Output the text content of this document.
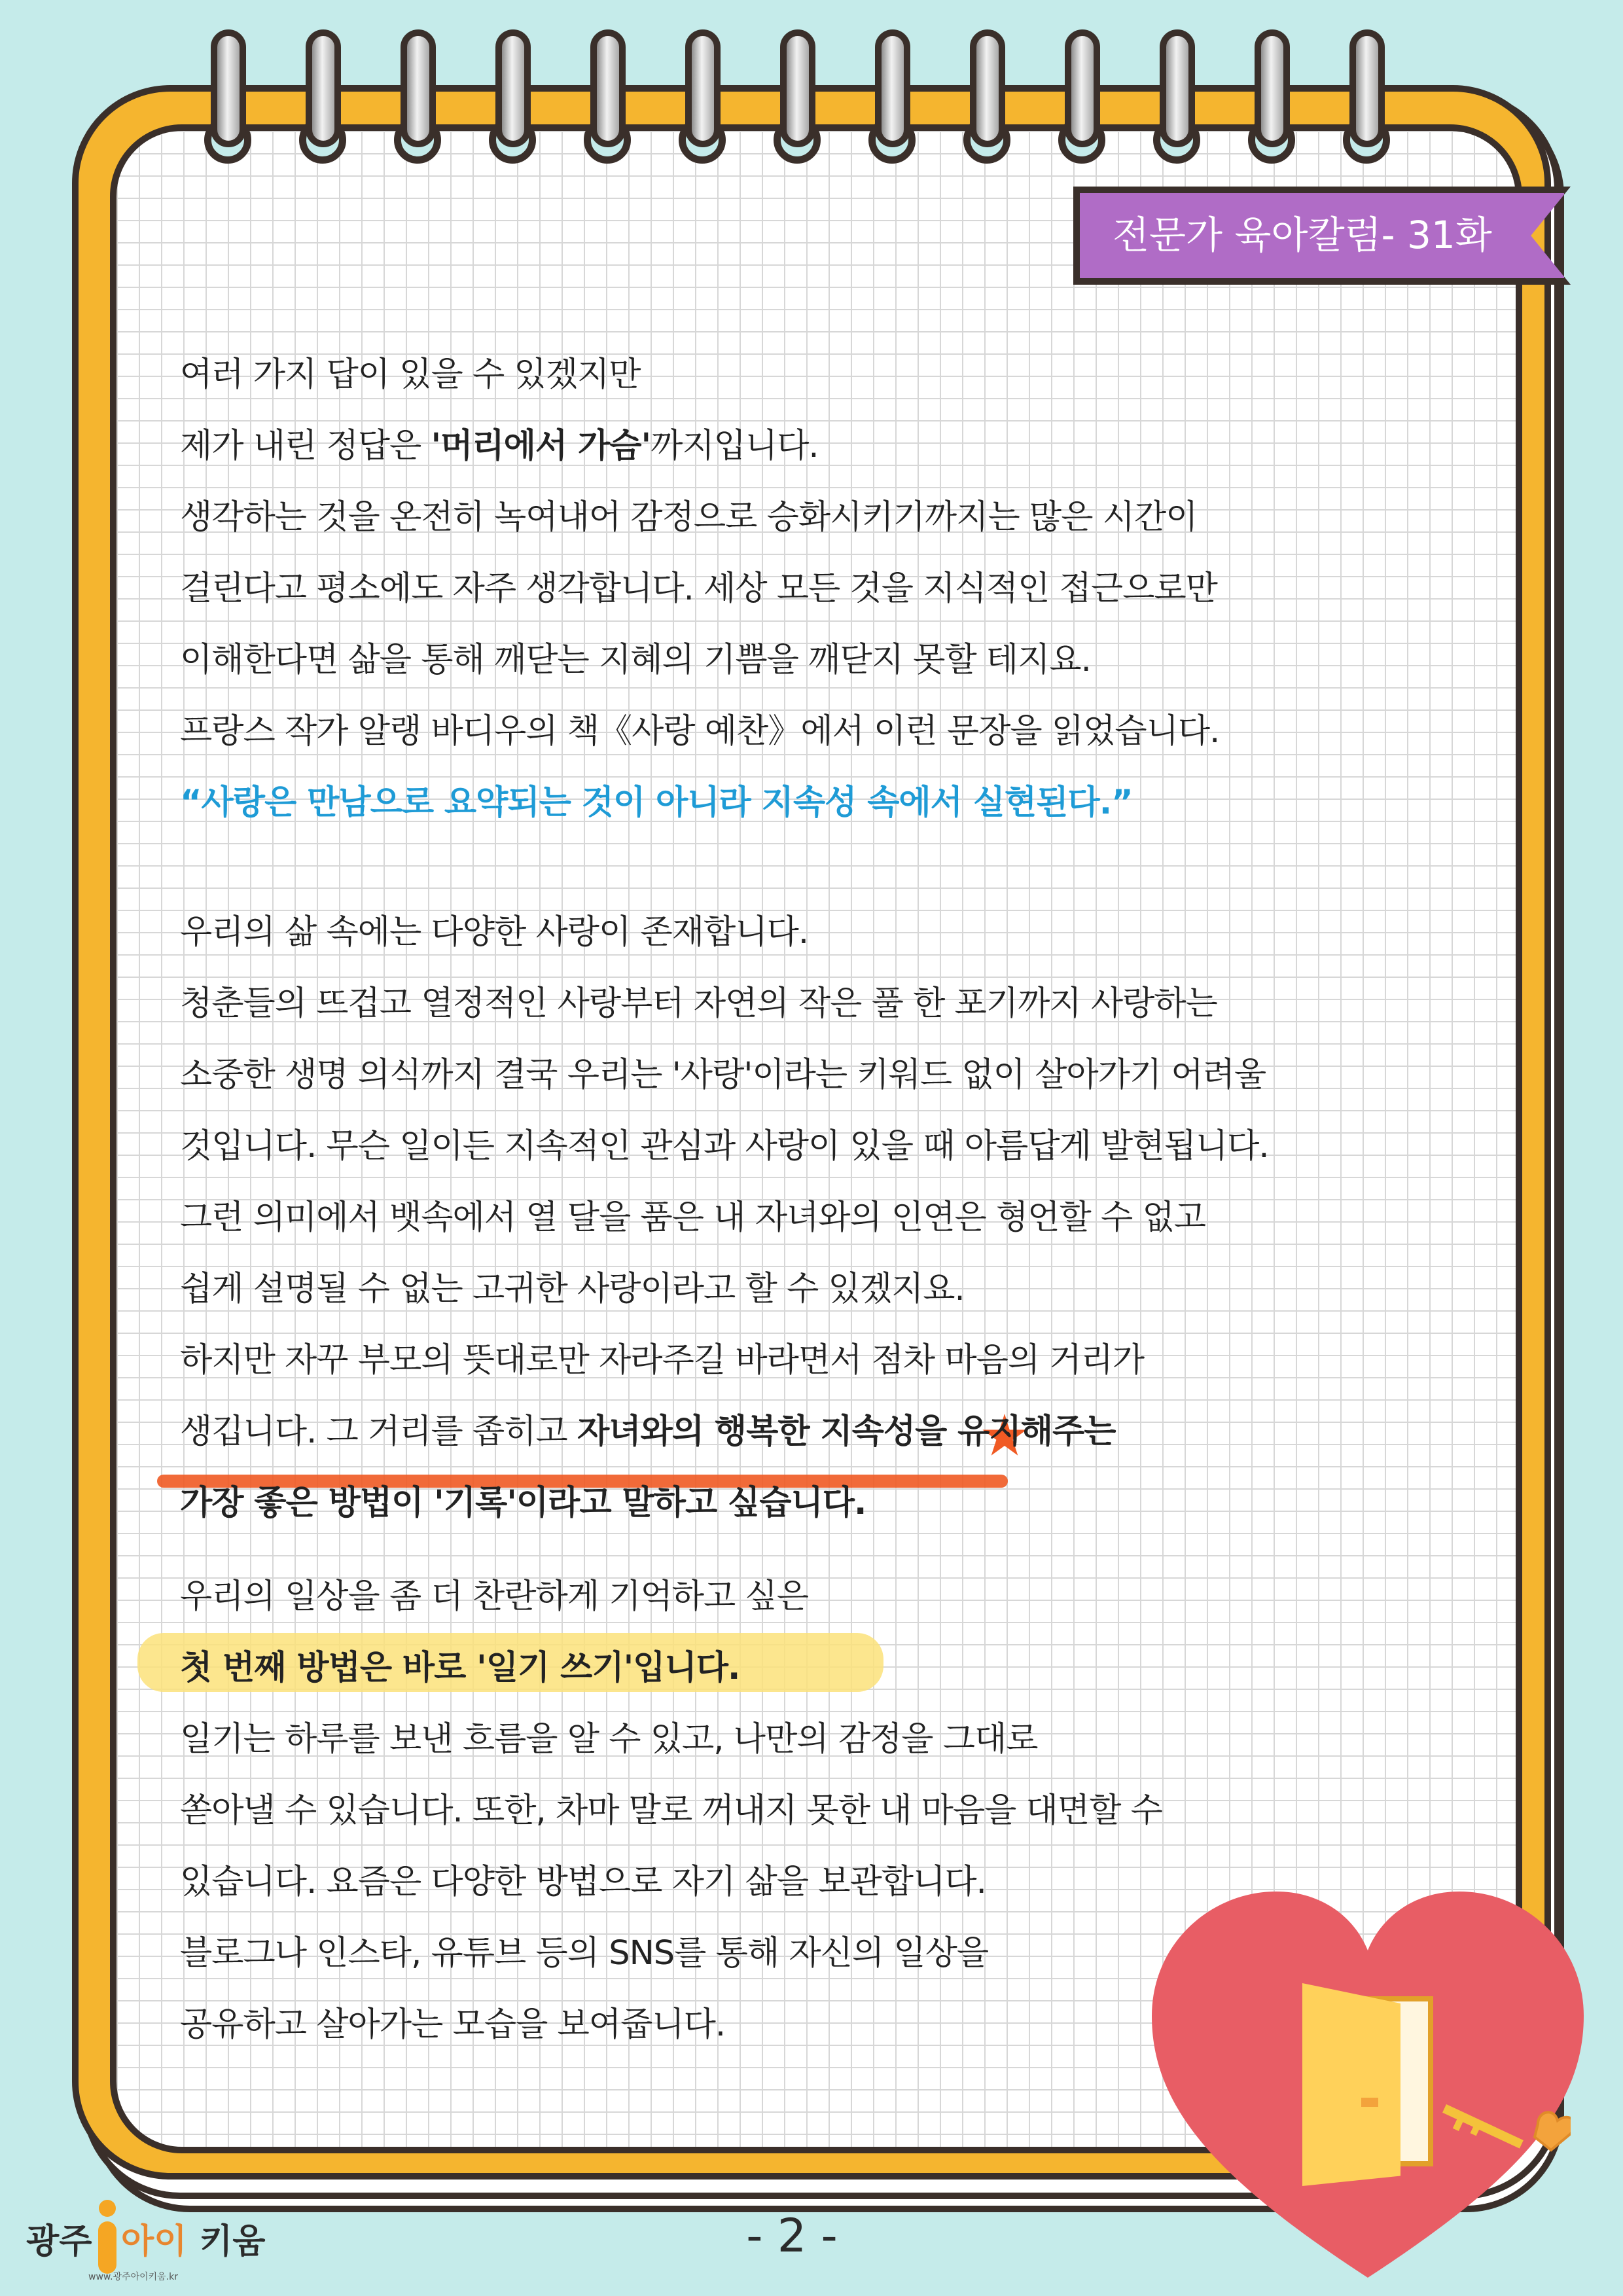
전문가 육아칼럼- 31화
여러 가지 답이 있을 수 있겠지만
제가 내린 정답은 '머리에서 가슴'까지입니다.
생각하는 것을 온전히 녹여내어 감정으로 승화시키기까지는 많은 시간이
걸린다고 평소에도 자주 생각합니다. 세상 모든 것을 지식적인 접근으로만
이해한다면 삶을 통해 깨닫는 지혜의 기쁨을 깨닫지 못할 테지요.
프랑스 작가 알랭 바디우의 책《사랑 예찬》에서 이런 문장을 읽었습니다.
“사랑은 만남으로 요약되는 것이 아니라 지속성 속에서 실현된다.”
우리의 삶 속에는 다양한 사랑이 존재합니다.
청춘들의 뜨겁고 열정적인 사랑부터 자연의 작은 풀 한 포기까지 사랑하는
소중한 생명 의식까지 결국 우리는 '사랑'이라는 키워드 없이 살아가기 어려울
것입니다. 무슨 일이든 지속적인 관심과 사랑이 있을 때 아름답게 발현됩니다.
그런 의미에서 뱃속에서 열 달을 품은 내 자녀와의 인연은 형언할 수 없고
쉽게 설명될 수 없는 고귀한 사랑이라고 할 수 있겠지요.
하지만 자꾸 부모의 뜻대로만 자라주길 바라면서 점차 마음의 거리가
생깁니다. 그 거리를 좁히고 자녀와의 행복한 지속성을 유지해주는
가장 좋은 방법이 '기록'이라고 말하고 싶습니다.
우리의 일상을 좀 더 찬란하게 기억하고 싶은
첫 번째 방법은 바로 '일기 쓰기'입니다.
일기는 하루를 보낸 흐름을 알 수 있고, 나만의 감정을 그대로
쏟아낼 수 있습니다. 또한, 차마 말로 꺼내지 못한 내 마음을 대면할 수
있습니다. 요즘은 다양한 방법으로 자기 삶을 보관합니다.
블로그나 인스타, 유튜브 등의 SNS를 통해 자신의 일상을
공유하고 살아가는 모습을 보여줍니다.
광주 아이 키움
www.광주아이키움.kr
- 2 -
